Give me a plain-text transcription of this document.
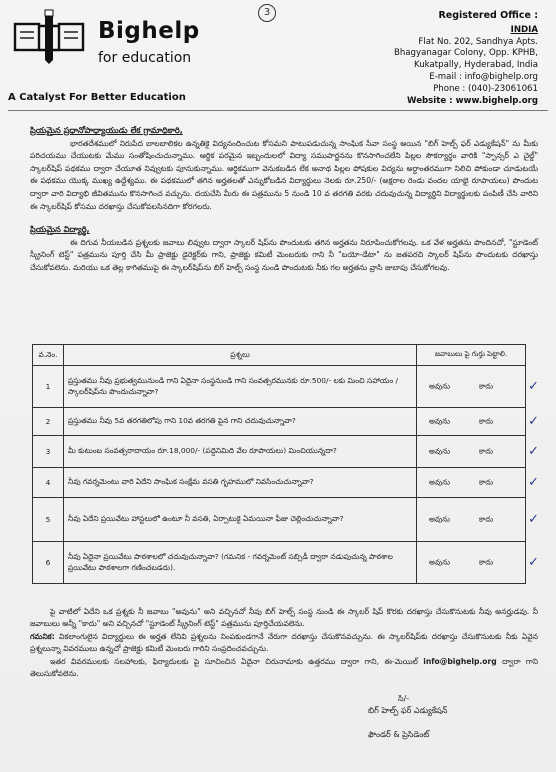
Bighelp
for education
A Catalyst For Better Education
3	Registered Office :
INDIA
Flat No. 202, Sandhya Apts.
Bhagyanagar Colony, Opp. KPHB,
Kukatpally, Hyderabad, India
E-mail : info@bighelp.org
Phone : (040)-23061061
Website : www.bighelp.org
ప్రియమైన ప్రధానోపాధ్యాయుడు లేక గ్రామాధికారి,

భారతదేశములో నిరుపేద బాలబాలికల ఉన్నతికై విద్యనందించుట కోసమని పాటుపడుచున్న సాంఘిక సేవా సంస్థ అయిన "బిగ్ హెల్ప్ ఫర్ ఎడ్యుకేషన్" ను మీకు పరిచయము చేయుటకు మేము సంతోషించుచున్నాము. ఆర్థిక పరమైన ఇబ్బందులలో విద్యా సముపార్జనను కొనసాగించలేని పిల్లల సౌకర్యార్థం వారికి "స్పాన్సర్ ఎ చైల్డ్" స్కాలర్‌షిప్ పథకము ద్వారా చేయూత నివ్వుటకు పూనుకున్నాము. ఆర్థికముగా వెనుకబడిన లేక అనాథ పిల్లల పోషకుల విద్యను అర్ధాంతరముగా నిలిచి పోకుండా చూడుటయే ఈ పథకము యొక్క ముఖ్య ఉద్దేశ్యము. ఈ పథకములో తగిన అర్హతలతో ఎన్నుకోబడిన విద్యార్థులు నెలకు రూ.250/- (అక్షరాల రెండు వందల యాభై రూపాయలు) పొందుట ద్వారా వారి విద్యాభి జీవితమును కొనసాగించ వచ్చును. దయచేసి మీరు ఈ పత్రమును 5 నుండి 10 వ తరగతి వరకు చదువుచున్న విద్యార్థిని విద్యార్థులకు పంపిణీ చేసి వారిని ఈ స్కాలర్‌షిప్ కోసము దరఖాస్తు చేసుకోవలసినదిగా కోరగలరు.

ప్రియమైన విద్యార్థి,

ఈ దిగువ నీయబడిన ప్రశ్నలకు జవాబు లివ్వుట ద్వారా స్కాలర్ షిప్‌ను పొందుటకు తగిన అర్హతను నిరూపించుకోగలవు. ఒక వేళ అర్హతను పొందినచో, "స్టూడెంట్ స్క్రీనింగ్ టెస్ట్" పత్రమును పూర్తి చేసి మీ ప్రాజెక్టు డైరెక్టర్‌కు గాని, ప్రాజెక్టు కమిటీ మెంబరుకు గాని నీ "బయో-డేటా" ను జతపరచి స్కాలర్ షిప్‌ను పొందుటకు దరఖాస్తు చేసుకోవలెను. మరియు ఒక తెల్ల కాగితముపై ఈ స్కాలర్‌షిప్‌ను బిగ్ హెల్ప్ సంస్థ నుండి పొందుటకు నీకు గల అర్హతను వ్రాసి జుబాపు చేసుకోగలవు.

వ.నెం.	ప్రశ్నలు	జవాబులు పై గుర్తు పెట్టాలి.
1	ప్రస్తుతము నీవు ప్రభుత్వమునుండి గాని ఏదైనా సంస్థనుండి గాని సంవత్సరమునకు రూ.500/- లకు మించి సహాయం / స్కాలర్‌షిప్‌ను పొందుచున్నావా?	అవును కాదు ✓

2	ప్రస్తుతము నీవు 5వ తరగతిలోపు గాని 10వ తరగతి పైన గాని చదువుచున్నావా?	అవును కాదు ✓

3	మీ కుటుంబ సంవత్సరాదాయం రూ.18,000/- (పద్దెనిమిది వేల రూపాయలు) మించియున్నదా?	అవును కాదు ✓

4	నీవు గవర్నమెంటు వారి ఏదేని సాంఘిక సంక్షేమ వసతి గృహములో నివసించుచున్నావా?	అవును కాదు ✓

5	నీవు ఏదేని ప్రయివేటు హాస్టలులో ఉంటూ నీ వసతి, ఏర్పాటుకై ఏమయినా ఫీజు చెల్లించుచున్నావా?	అవును కాదు ✓

6	నీవు ఏదైనా ప్రయివేటు పాఠశాలలో చదువుచున్నావా? (గమనిక - గవర్నమెంట్ సబ్సిడీ ద్వారా నడుపుచున్న పాఠశాల ప్రయివేటు పాఠశాలగా గణించబడదు).	అవును కాదు ✓

పై వాటిలో ఏదేని ఒక ప్రశ్నకు నీ జవాబు "అవును" అని వచ్చినచో నీవు బిగ్ హెల్ప్ సంస్థ నుండి ఈ స్కాలర్ షిప్ కొరకు దరఖాస్తు చేసుకొనుటకు నీవు అనర్హుడవు. నీ జవాబులు అన్నీ "కాదు" అని వచ్చినచో "స్టూడెంట్ స్క్రీనింగ్ టెస్ట్" పత్రమును పూర్తిచేయవలెను.

గమనిక: వికలాంగులైన విద్యార్థులు ఈ అర్హత లేనివి ప్రశ్నలను నింపకుండగానే నేరుగా దరఖాస్తు చేసుకొనవచ్చును. ఈ స్కాలర్‌షిప్‌కు దరఖాస్తు చేసుకొనుటకు నీకు ఏవైన ప్రశ్నలున్నా వివరములు ఉన్నచో ప్రాజెక్టు కమిటీ మెంబరు గారిని సంప్రదించవచ్చును.

ఇతర వివరములకు సలహాలకు, ఫిర్యాదులకు పై సూచించిన ఏదైనా చిరునామాకు ఉత్తరము ద్వారా గాని, ఈ-మెయిల్ info@bighelp.org ద్వారా గాని తెలుసుకోవలెను.

సి/-
బిగ్ హెల్ప్ ఫర్ ఎడ్యుకేషన్
ఫౌండర్ & ప్రెసిడెంట్
